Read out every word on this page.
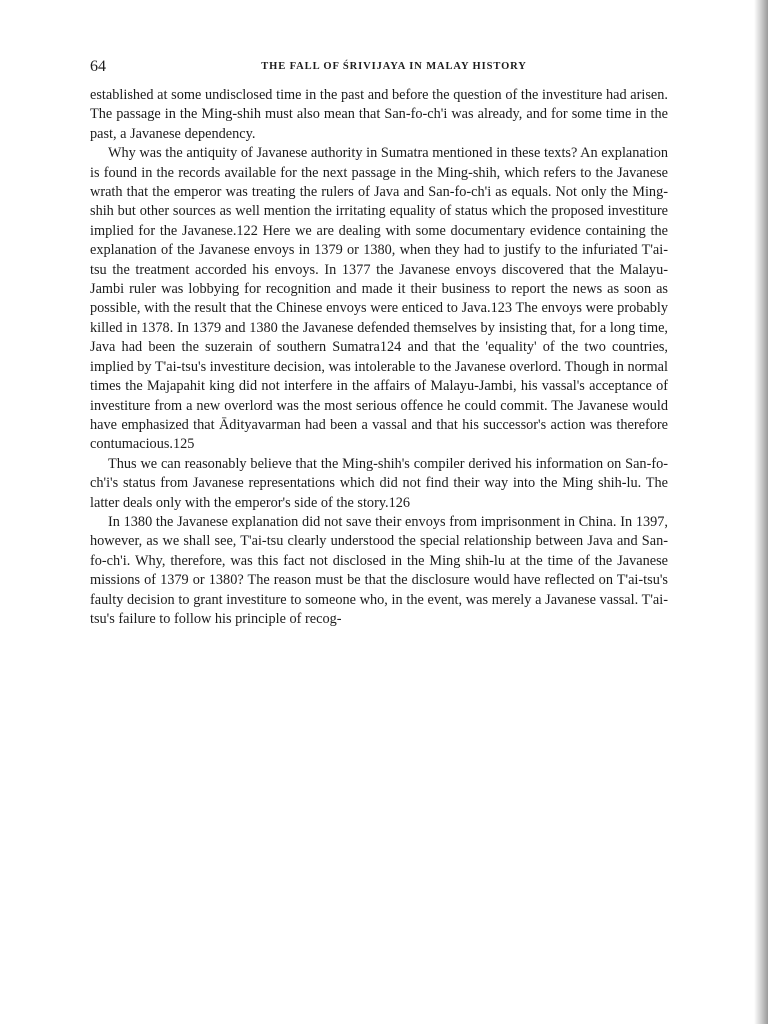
64	THE FALL OF ŚRIVIJAYA IN MALAY HISTORY

established at some undisclosed time in the past and before the question of the investiture had arisen. The passage in the Ming-shih must also mean that San-fo-ch'i was already, and for some time in the past, a Javanese dependency.

Why was the antiquity of Javanese authority in Sumatra mentioned in these texts? An explanation is found in the records available for the next passage in the Ming-shih, which refers to the Javanese wrath that the emperor was treating the rulers of Java and San-fo-ch'i as equals. Not only the Ming-shih but other sources as well mention the irritating equality of status which the proposed investiture implied for the Javanese.122 Here we are dealing with some documentary evidence containing the explanation of the Javanese envoys in 1379 or 1380, when they had to justify to the infuriated T'ai-tsu the treatment accorded his envoys. In 1377 the Javanese envoys discovered that the Malayu-Jambi ruler was lobbying for recognition and made it their business to report the news as soon as possible, with the result that the Chinese envoys were enticed to Java.123 The envoys were probably killed in 1378. In 1379 and 1380 the Javanese defended themselves by insisting that, for a long time, Java had been the suzerain of southern Sumatra124 and that the 'equality' of the two countries, implied by T'ai-tsu's investiture decision, was intolerable to the Javanese overlord. Though in normal times the Majapahit king did not interfere in the affairs of Malayu-Jambi, his vassal's acceptance of investiture from a new overlord was the most serious offence he could commit. The Javanese would have emphasized that Ādityavarman had been a vassal and that his successor's action was therefore contumacious.125

Thus we can reasonably believe that the Ming-shih's compiler derived his information on San-fo-ch'i's status from Javanese representations which did not find their way into the Ming shih-lu. The latter deals only with the emperor's side of the story.126

In 1380 the Javanese explanation did not save their envoys from imprisonment in China. In 1397, however, as we shall see, T'ai-tsu clearly understood the special relationship between Java and San-fo-ch'i. Why, therefore, was this fact not disclosed in the Ming shih-lu at the time of the Javanese missions of 1379 or 1380? The reason must be that the disclosure would have reflected on T'ai-tsu's faulty decision to grant investiture to someone who, in the event, was merely a Javanese vassal. T'ai-tsu's failure to follow his principle of recog-
